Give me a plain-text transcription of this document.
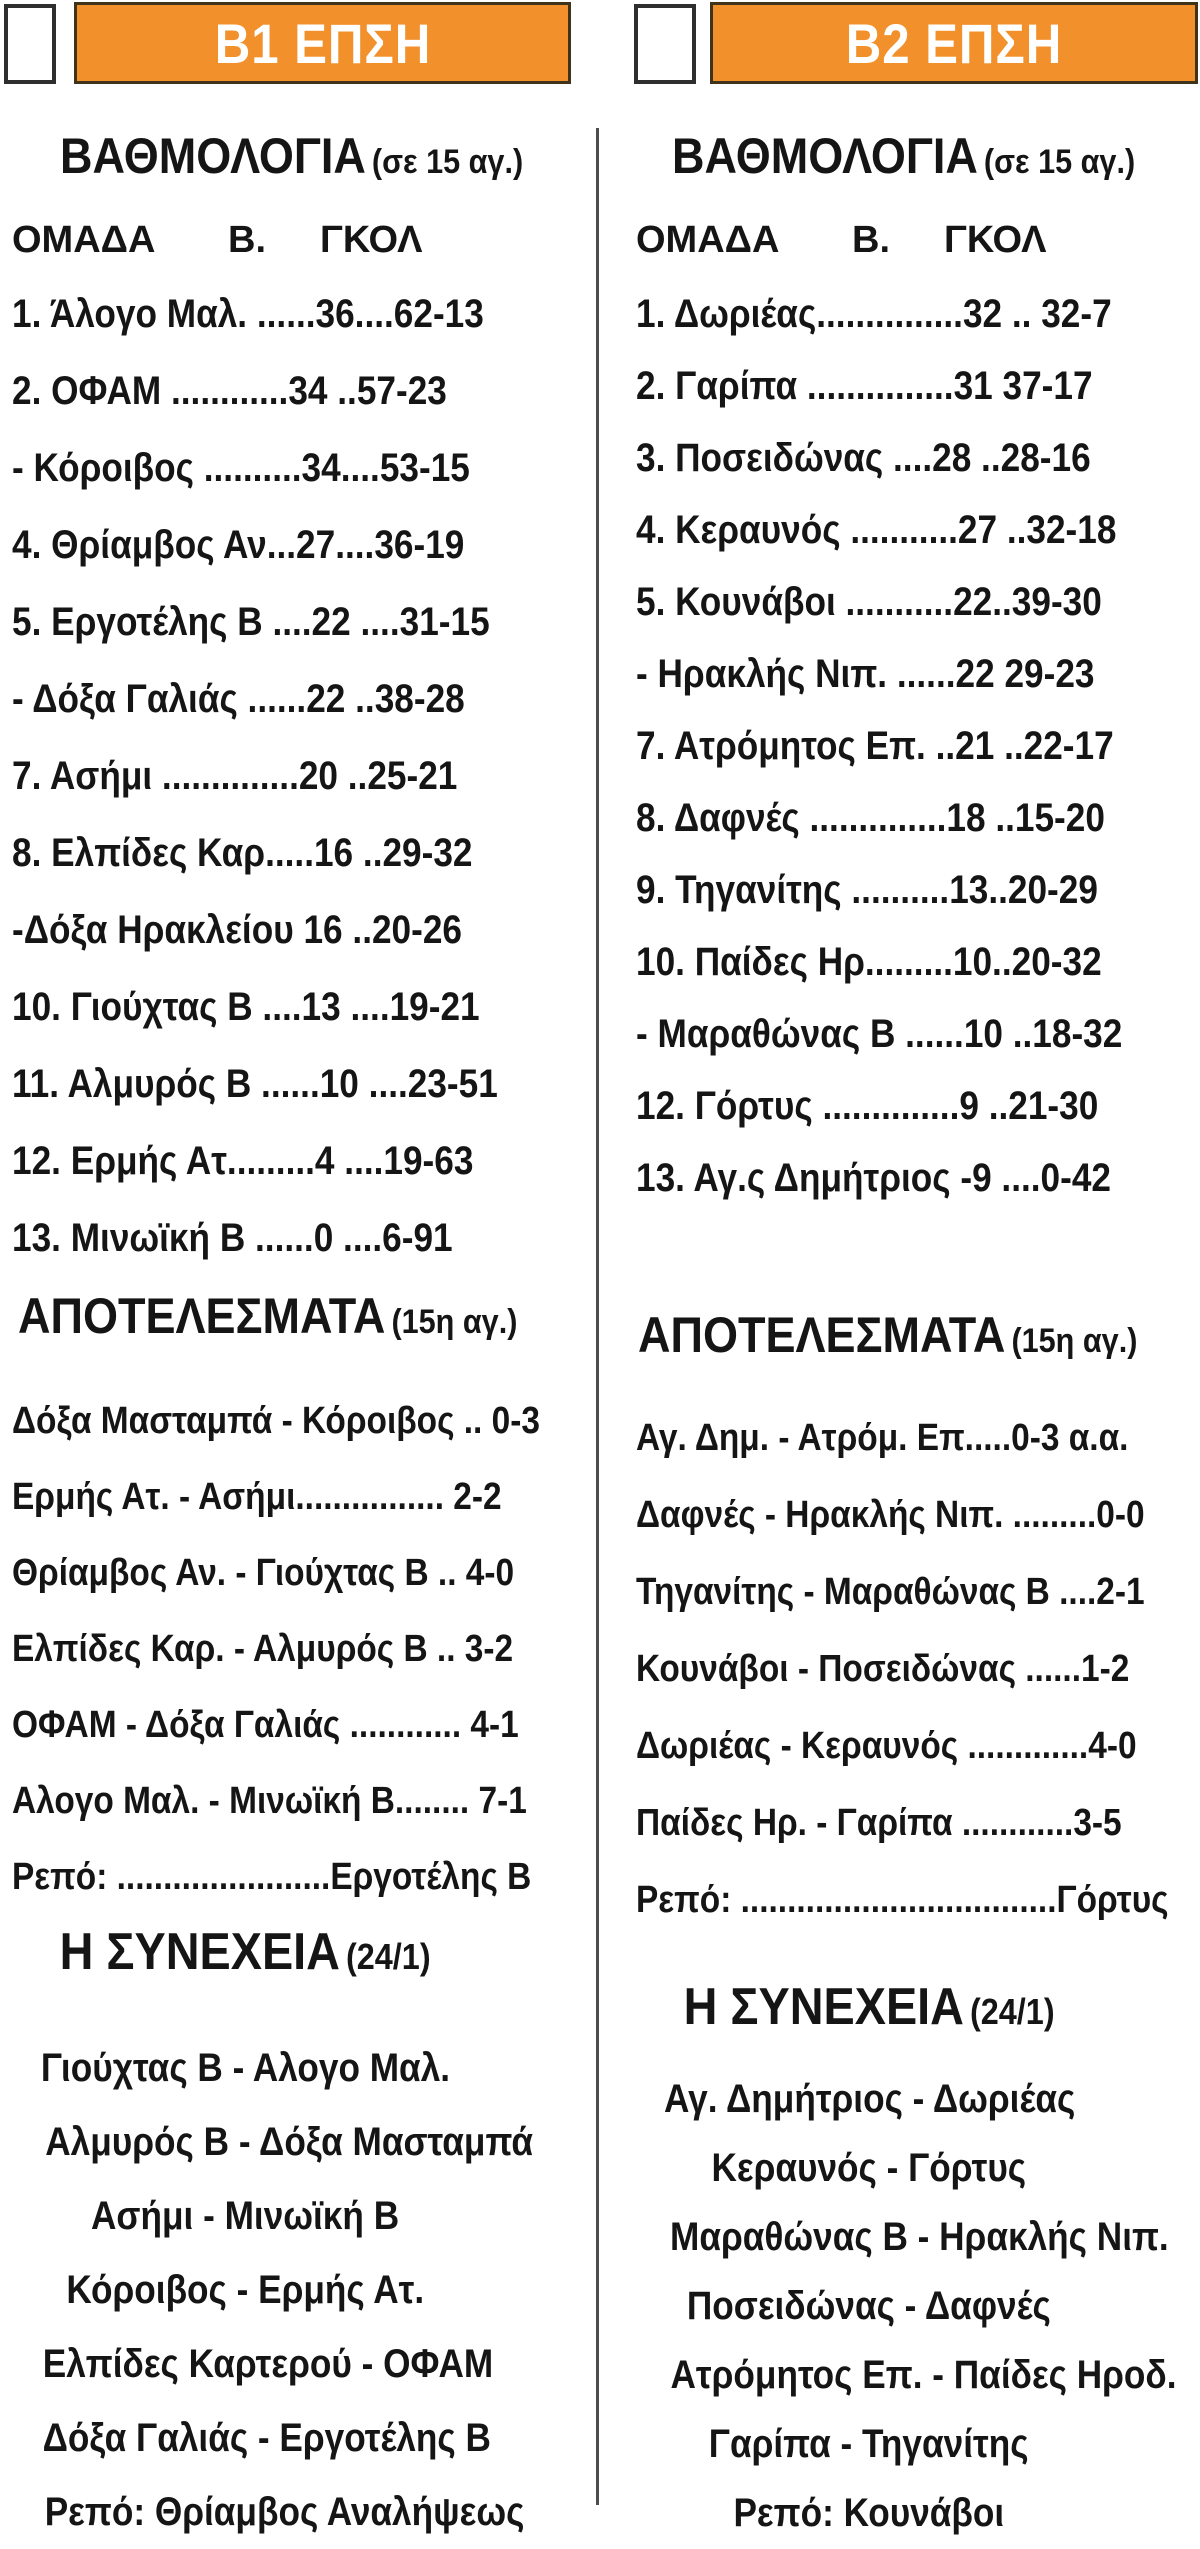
Β1 ΕΠΣΗ
ΒΑΘΜΟΛΟΓΙΑ (σε 15 αγ.)
ΟΜΑΔΑ	Β.	ΓΚΟΛ
1. Άλογο Μαλ. ......36....62-13
2. ΟΦΑΜ ............34 ..57-23
- Κόροιβος ..........34....53-15
4. Θρίαμβος Αν...27....36-19
5. Εργοτέλης Β ....22 ....31-15
- Δόξα Γαλιάς ......22 ..38-28
7. Ασήμι ..............20 ..25-21
8. Ελπίδες Καρ.....16 ..29-32
-Δόξα Ηρακλείου 16 ..20-26
10. Γιούχτας Β ....13 ....19-21
11. Αλμυρός Β ......10 ....23-51
12. Ερμής Ατ.........4 ....19-63
13. Μινωϊκή Β ......0 ....6-91
ΑΠΟΤΕΛΕΣΜΑΤΑ (15η αγ.)
Δόξα Μασταμπά - Κόροιβος .. 0-3
Ερμής Ατ. - Ασήμι................ 2-2
Θρίαμβος Αν. - Γιούχτας Β .. 4-0
Ελπίδες Καρ. - Αλμυρός Β .. 3-2
ΟΦΑΜ - Δόξα Γαλιάς ............ 4-1
Αλογο Μαλ. - Μινωϊκή Β........ 7-1
Ρεπό: .......................Εργοτέλης Β
Η ΣΥΝΕΧΕΙΑ (24/1)
Γιούχτας Β - Αλογο Μαλ.
Αλμυρός Β - Δόξα Μασταμπά
Ασήμι - Μινωϊκή Β
Κόροιβος - Ερμής Ατ.
Ελπίδες Καρτερού - ΟΦΑΜ
Δόξα Γαλιάς - Εργοτέλης Β
Ρεπό: Θρίαμβος Αναλήψεως
Β2 ΕΠΣΗ
ΒΑΘΜΟΛΟΓΙΑ (σε 15 αγ.)
ΟΜΑΔΑ	Β.	ΓΚΟΛ
1. Δωριέας...............32 .. 32-7
2. Γαρίπα ...............31 37-17
3. Ποσειδώνας ....28 ..28-16
4. Κεραυνός ...........27 ..32-18
5. Κουνάβοι ...........22..39-30
- Ηρακλής Νιπ. ......22 29-23
7. Ατρόμητος Επ. ..21 ..22-17
8. Δαφνές ..............18 ..15-20
9. Τηγανίτης ..........13..20-29
10. Παίδες Ηρ.........10..20-32
- Μαραθώνας Β ......10 ..18-32
12. Γόρτυς ..............9 ..21-30
13. Αγ.ς Δημήτριος -9 ....0-42
ΑΠΟΤΕΛΕΣΜΑΤΑ (15η αγ.)
Αγ. Δημ. - Ατρόμ. Επ.....0-3 α.α.
Δαφνές - Ηρακλής Νιπ. .........0-0
Τηγανίτης - Μαραθώνας Β ....2-1
Κουνάβοι - Ποσειδώνας ......1-2
Δωριέας - Κεραυνός .............4-0
Παίδες Ηρ. - Γαρίπα ............3-5
Ρεπό: ..................................Γόρτυς
Η ΣΥΝΕΧΕΙΑ (24/1)
Αγ. Δημήτριος - Δωριέας
Κεραυνός - Γόρτυς
Μαραθώνας Β - Ηρακλής Νιπ.
Ποσειδώνας - Δαφνές
Ατρόμητος Επ. - Παίδες Ηροδ.
Γαρίπα - Τηγανίτης
Ρεπό: Κουνάβοι
